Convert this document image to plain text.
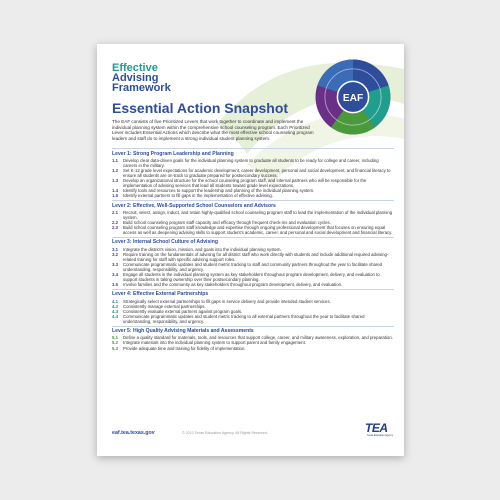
Effective
Advising
Framework
EAF
Essential Action Snapshot
The EAF consists of five Prioritized Levers that work together to coordinate and implement the individual planning system within the comprehensive school counseling program. Each Prioritized Lever includes Essential Actions which describe what the most effective school counseling program leaders and staff do to implement a strong individual student planning system.
Lever 1: Strong Program Leadership and Planning
1.1	Develop clear data-driven goals for the individual planning system to graduate all students to be ready for college and career, including careers in the military.
1.2	Set K-12 grade level expectations for academic development, career development, personal and social development, and financial literacy to ensure all students are on-track to graduate prepared for postsecondary success.
1.3	Develop an organizational structure for the school counseling program staff, and internal partners who will be responsible for the implementation of advising services that lead all students toward grade level expectations.
1.4	Identify tools and resources to support the leadership and planning of the individual planning system.
1.5	Identify external partners to fill gaps in the implementation of effective advising.
Lever 2: Effective, Well-Supported School Counselors and Advisors
2.1	Recruit, select, assign, induct, and retain highly-qualified school counseling program staff to lead the implementation of the individual planning system.
2.2	Build school counseling program staff capacity and efficacy through frequent check-ins and evaluation cycles.
2.3	Build school counseling program staff knowledge and expertise through ongoing professional development that focuses on ensuring equal access as well as deepening advising skills to support student's academic, career, and personal and social development and financial literacy.
Lever 3: Internal School Culture of Advising
3.1	Integrate the district's vision, mission, and goals into the individual planning system.
3.2	Require training on the fundamentals of advising for all district staff who work directly with students and include additional required advising-related training for staff with specific advising support roles.
3.3	Communicate programmatic updates and student metric tracking to staff and community partners throughout the year to facilitate shared understanding, responsibility, and urgency.
3.4	Engage all students in the individual planning system as key stakeholders throughout program development, delivery, and evaluation to support students in taking ownership over their postsecondary planning.
3.5	Involve families and the community as key stakeholders throughout program development, delivery, and evaluation.
Lever 4: Effective External Partnerships
4.1	Strategically select external partnerships to fill gaps in service delivery and provide intended student services.
4.2	Consistently manage external partnerships.
4.3	Consistently evaluate external partners against program goals.
4.4	Communicate programmatic updates and student metric tracking to all external partners throughout the year to facilitate shared understanding, responsibility, and urgency.
Lever 5: High Quality Advising Materials and Assessments
5.1	Define a quality standard for materials, tools, and resources that support college, career, and military awareness, exploration, and preparation.
5.2	Integrate materials into the individual planning system to support parent and family engagement.
5.3	Provide adequate time and training for fidelity of implementation.
eaf.tea.texas.gov	© 2023 Texas Education Agency. All Rights Reserved.	TEA
Texas Education Agency
